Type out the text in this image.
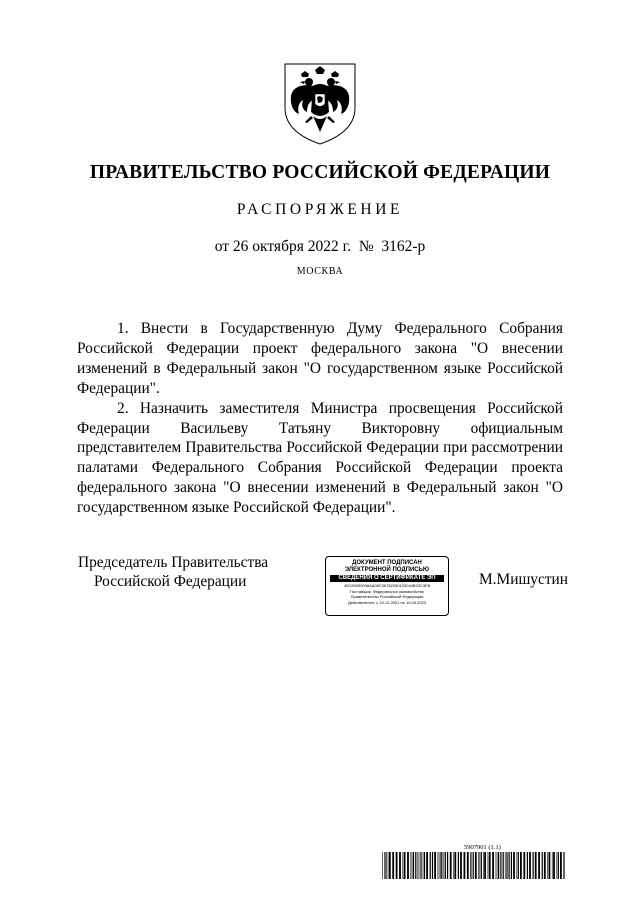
ПРАВИТЕЛЬСТВО РОССИЙСКОЙ ФЕДЕРАЦИИ
РАСПОРЯЖЕНИЕ
от 26 октября 2022 г.  №  3162-р
МОСКВА

1. Внести в Государственную Думу Федерального Собрания Российской Федерации проект федерального закона "О внесении изменений в Федеральный закон "О государственном языке Российской Федерации".

2. Назначить заместителя Министра просвещения Российской Федерации Васильеву Татьяну Викторовну официальным представителем Правительства Российской Федерации при рассмотрении палатами Федерального Собрания Российской Федерации проекта федерального закона "О внесении изменений в Федеральный закон "О государственном языке Российской Федерации".

Председатель Правительства
Российской Федерации
ДОКУМЕНТ ПОДПИСАН
ЭЛЕКТРОННОЙ ПОДПИСЬЮ
СВЕДЕНИЯ О СЕРТИФИКАТЕ ЭП
40C89050058AA08C06782280103044B03C3E8
Поставщик: Федеральное казначейство
Правительство Российской Федерации
Действителен: с 10.12.2021 по 10.03.2023
М.Мишустин
5907901 (1.1)
